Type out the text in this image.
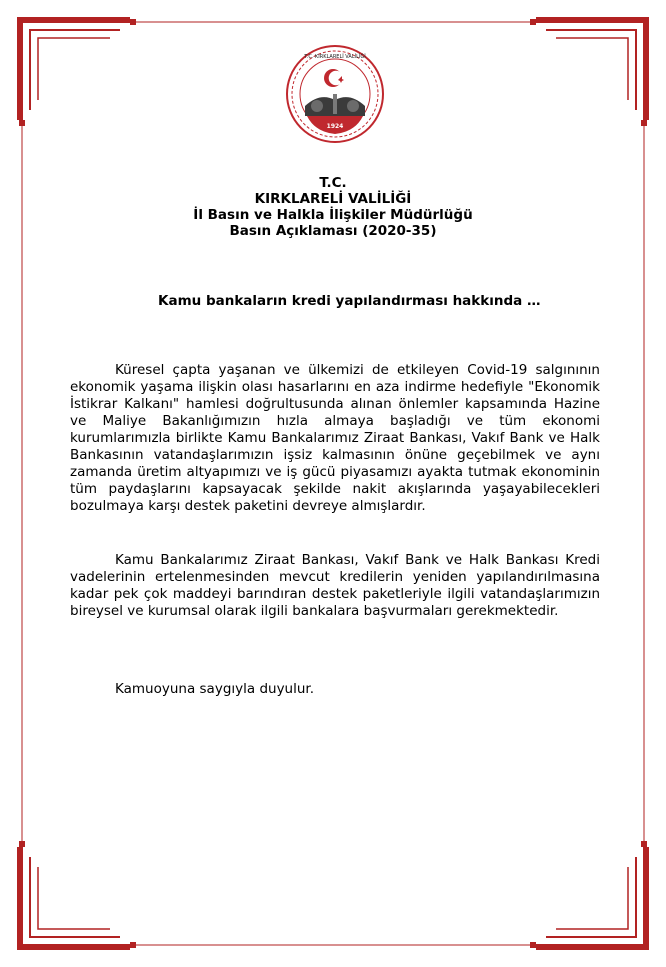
1924
T.C. KIRKLARELİ VALİLİĞİ
T.C.
KIRKLARELİ VALİLİĞİ
İl Basın ve Halkla İlişkiler Müdürlüğü
Basın Açıklaması (2020-35)
Kamu bankaların kredi yapılandırması hakkında …

Küresel çapta yaşanan ve ülkemizi de etkileyen Covid-19 salgınının ekonomik yaşama ilişkin olası hasarlarını en aza indirme hedefiyle "Ekonomik İstikrar Kalkanı" hamlesi doğrultusunda alınan önlemler kapsamında Hazine ve Maliye Bakanlığımızın hızla almaya başladığı ve tüm ekonomi kurumlarımızla birlikte Kamu Bankalarımız Ziraat Bankası, Vakıf Bank ve Halk Bankasının vatandaşlarımızın işsiz kalmasının önüne geçebilmek ve aynı zamanda üretim altyapımızı ve iş gücü piyasamızı ayakta tutmak ekonominin tüm paydaşlarını kapsayacak şekilde nakit akışlarında yaşayabilecekleri bozulmaya karşı destek paketini devreye almışlardır.

Kamu Bankalarımız Ziraat Bankası, Vakıf Bank ve Halk Bankası Kredi vadelerinin ertelenmesinden mevcut kredilerin yeniden yapılandırılmasına kadar pek çok maddeyi barındıran destek paketleriyle ilgili vatandaşlarımızın bireysel ve kurumsal olarak ilgili bankalara başvurmaları gerekmektedir.

Kamuoyuna saygıyla duyulur.
